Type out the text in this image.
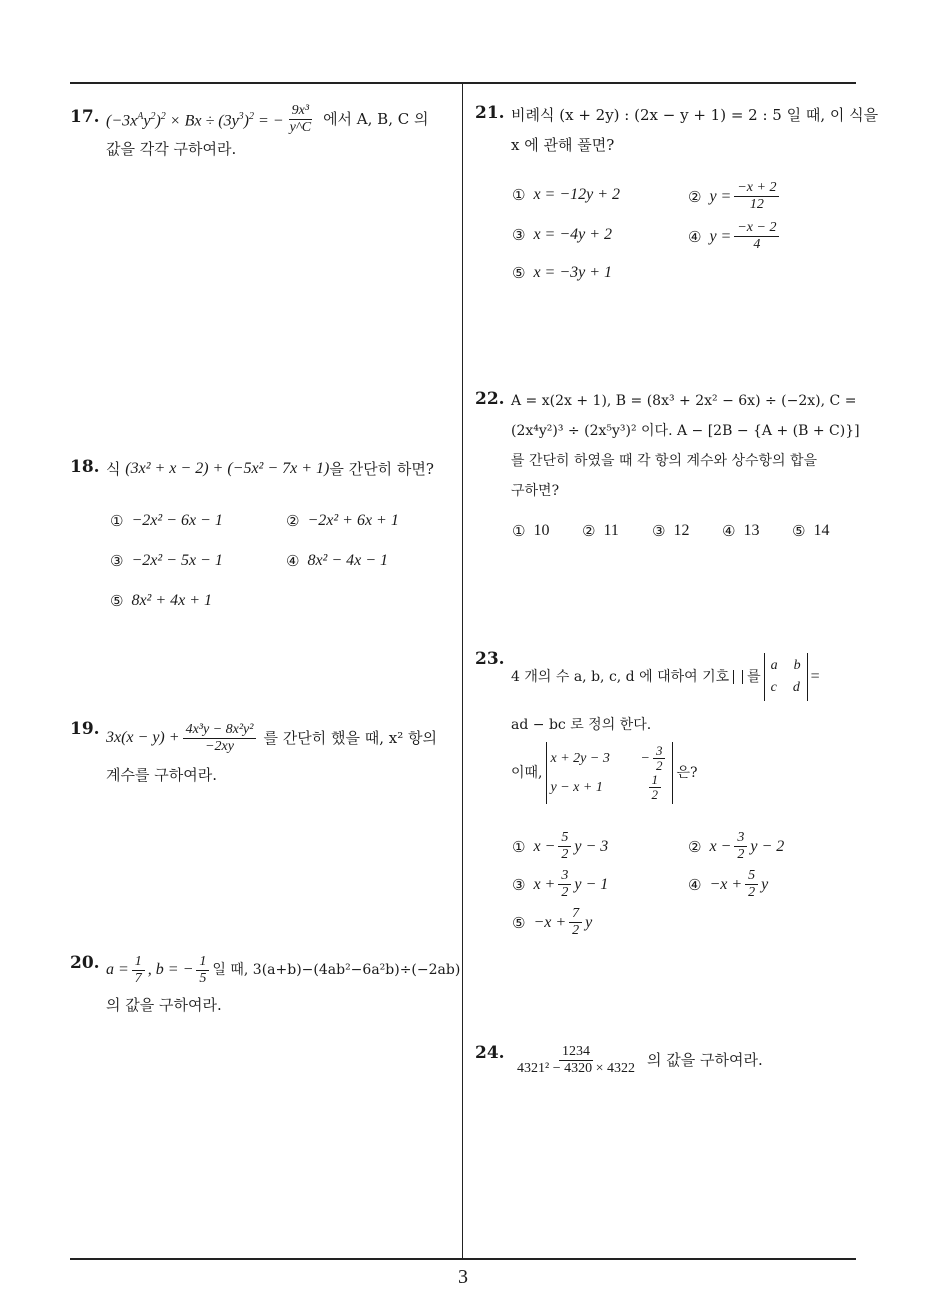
17. $(-3x^Ay^2)^2 \times Bx \div (3y^3)^2$ = − $\frac{\text{9x³}}{y\^{}C}$ 에서 A, B, C 의
값을 각각 구하여라.
18. 식
(3x² + x − 2) + (−5x² − 7x + 1) 을 간단히 하면?
① −2x² − 6x − 1	② −2x² + 6x + 1
③ −2x² − 5x − 1	④ 8x² − 4x − 1
⑤ 8x² + 4x + 1
19. $3x(x - y) + \frac{\text{4x³y − 8x²y²}}{-2xy}$ 를 간단히 했을 때, x² 항의
계수를 구하여라.
20. $a = \frac{1}{7}$ , b = − $\frac{1}{5}$ 일 때, 3(a+b)−(4ab²−6a²b)÷(−2ab)
의 값을 구하여라.
21. 비례식 (x + 2y) : (2x − y + 1) = 2 : 5 일 때, 이 식을
x 에 관해 풀면?
① x = −12y + 2	② $y = \frac{-x + 2}{12}$
③ x = −4y + 2	④ $y = \frac{-x - 2}{4}$
⑤ x = −3y + 1
22. A = x(2x + 1), B = (8x³ + 2x² − 6x) ÷ (−2x), C =
(2x⁴y²)³ ÷ (2x⁵y³)² 이다. A − [2B − {A + (B + C)}]
를 간단히 하였을 때 각 항의 계수와 상수항의 합을
구하면?
① 10 ② 11 ③ 12 ④ 13 ⑤ 14
23.
4 개의 수 a, b, c, d 에 대하여 기호 를
a b
c d
=
ad − bc 로 정의 한다.
이때,
x + 2y − 3	− $\frac{3}{2}$
y − x + 1	$\frac{1}{2}$ 은?
① $x - \frac{5}{2}$ y − 3	② $x - \frac{3}{2}$ y − 2
③ $x + \frac{3}{2}$ y − 1	④ $-x + \frac{5}{2}$ y
⑤ $-x + \frac{7}{2}$ y
24. $\frac{1234}{\text{4321² − 4320 × 4322}}$ 의 값을 구하여라.
3
